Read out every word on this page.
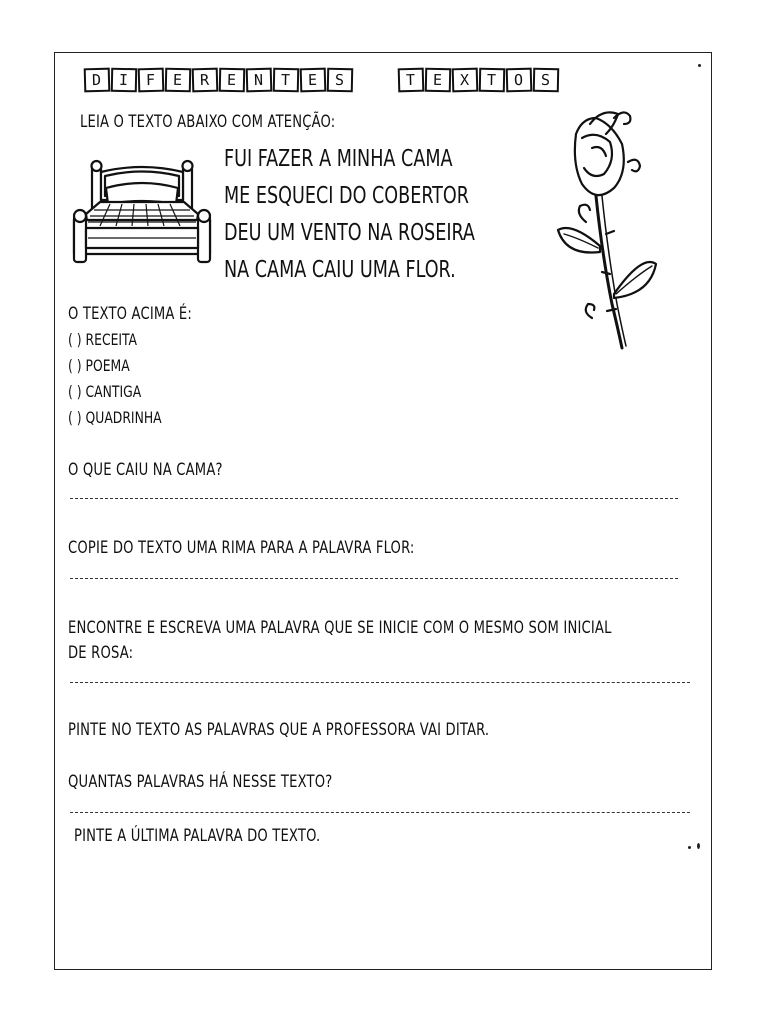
D	I	F	E	R	E	N	T	E	S	T	E	X	T	O	S
LEIA O TEXTO ABAIXO COM ATENÇÃO:
FUI FAZER A MINHA CAMA
ME ESQUECI DO COBERTOR
DEU UM VENTO NA ROSEIRA
NA CAMA CAIU UMA FLOR.
O TEXTO ACIMA É:
( ) RECEITA
( ) POEMA
( ) CANTIGA
( ) QUADRINHA
O QUE CAIU NA CAMA?
COPIE DO TEXTO UMA RIMA PARA A PALAVRA FLOR:
ENCONTRE E ESCREVA UMA PALAVRA QUE SE INICIE COM O MESMO SOM INICIAL
DE ROSA:
PINTE NO TEXTO AS PALAVRAS QUE A PROFESSORA VAI DITAR.
QUANTAS PALAVRAS HÁ NESSE TEXTO?
PINTE A ÚLTIMA PALAVRA DO TEXTO.
